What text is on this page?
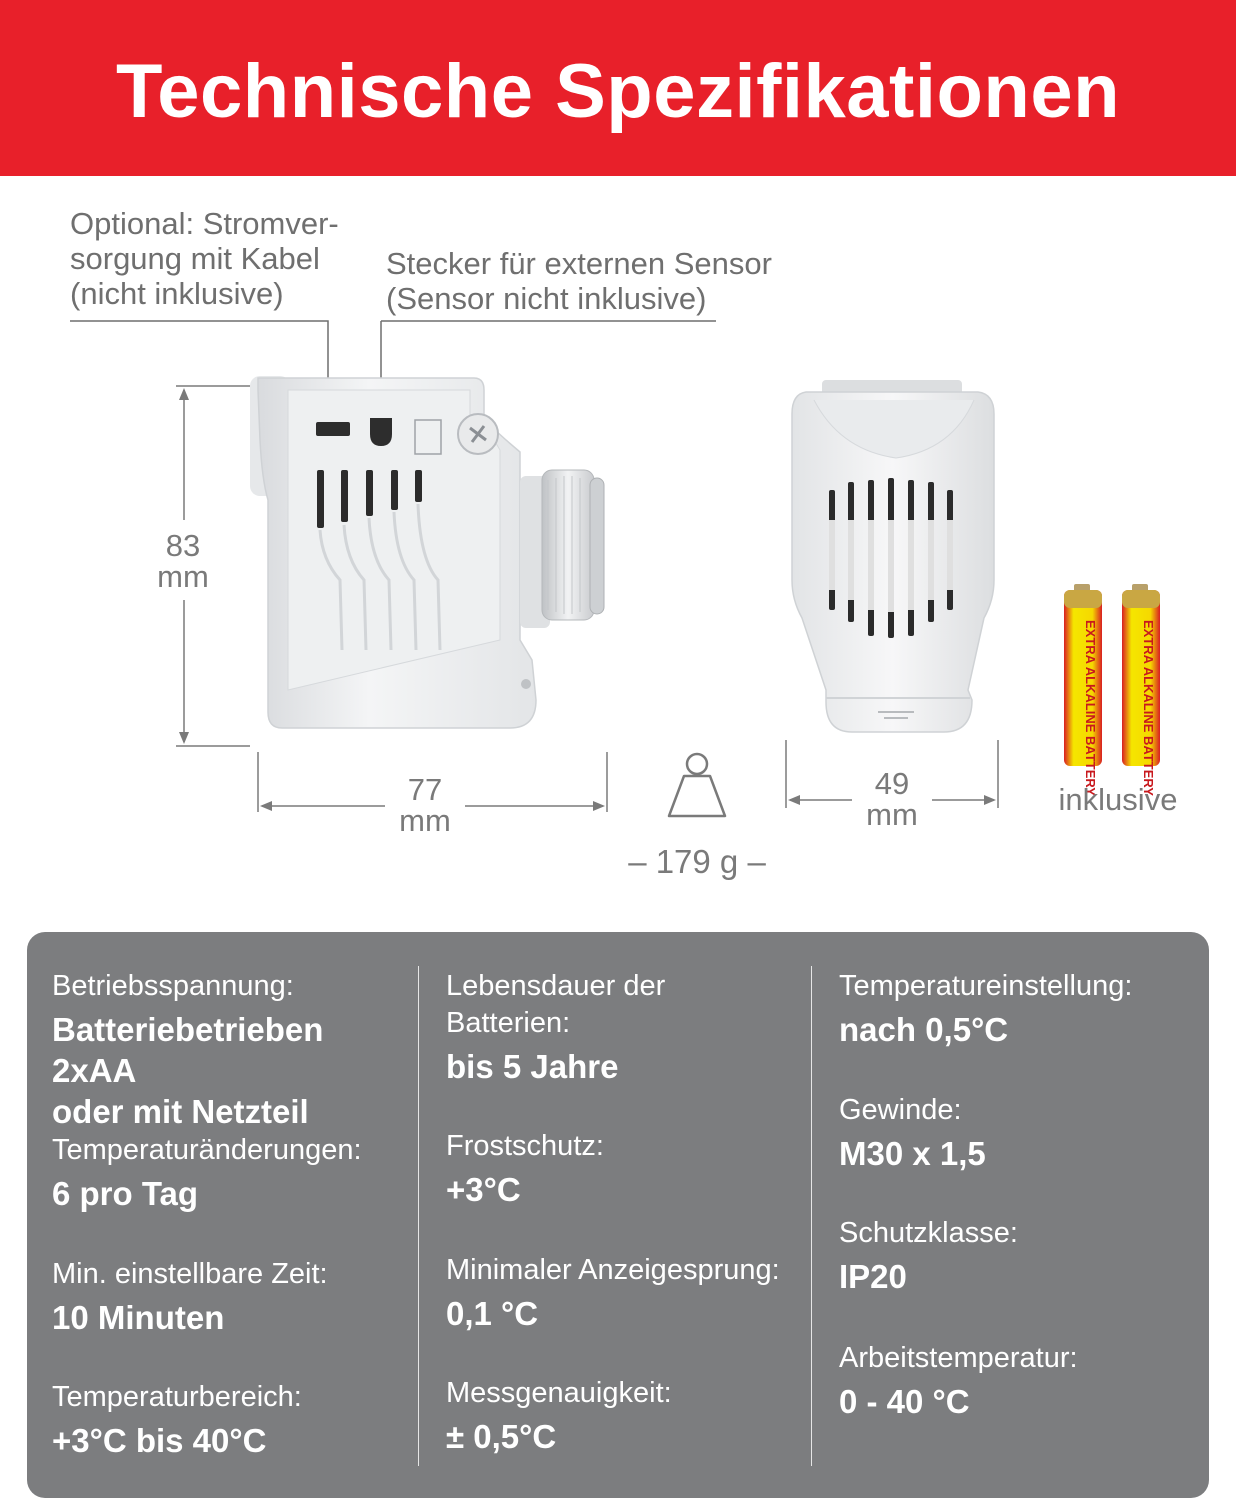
Technische Spezifikationen
Optional: Stromver-
sorgung mit Kabel
(nicht inklusive)
Stecker für externen Sensor
(Sensor nicht inklusive)
EXTRA ALKALINE BATTERY	EXTRA ALKALINE BATTERY
83
mm
77
mm
49
mm
– 179 g –
inklusive
Betriebsspannung:
Batteriebetrieben 2xAA
oder mit Netzteil
Temperaturänderungen:
6 pro Tag
Min. einstellbare Zeit:
10 Minuten
Temperaturbereich:
+3°C bis 40°C
Lebensdauer der
Batterien:
bis 5 Jahre
Frostschutz:
+3°C
Minimaler Anzeigesprung:
0,1 °C
Messgenauigkeit:
± 0,5°C
Temperatureinstellung:
nach 0,5°C
Gewinde:
M30 x 1,5
Schutzklasse:
IP20
Arbeitstemperatur:
0 - 40 °C
